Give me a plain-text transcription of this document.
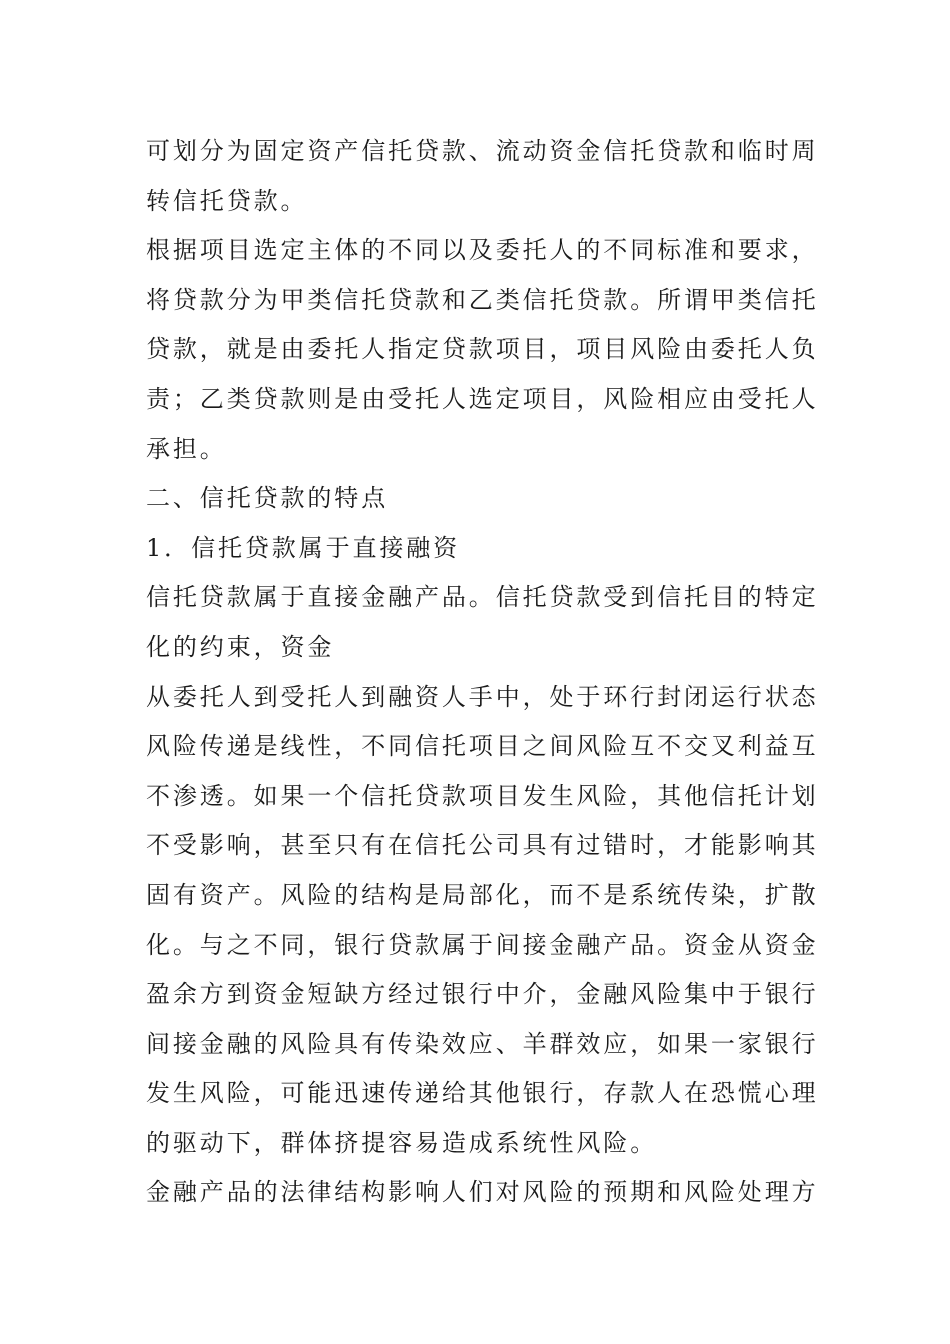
可划分为固定资产信托贷款、流动资金信托贷款和临时周
转信托贷款。
根据项目选定主体的不同以及委托人的不同标准和要求，
将贷款分为甲类信托贷款和乙类信托贷款。所谓甲类信托
贷款，就是由委托人指定贷款项目，项目风险由委托人负
责；乙类贷款则是由受托人选定项目，风险相应由受托人
承担。
二、信托贷款的特点
1．信托贷款属于直接融资
信托贷款属于直接金融产品。信托贷款受到信托目的特定
化的约束，资金
从委托人到受托人到融资人手中，处于环行封闭运行状态
风险传递是线性，不同信托项目之间风险互不交叉利益互
不渗透。如果一个信托贷款项目发生风险，其他信托计划
不受影响，甚至只有在信托公司具有过错时，才能影响其
固有资产。风险的结构是局部化，而不是系统传染，扩散
化。与之不同，银行贷款属于间接金融产品。资金从资金
盈余方到资金短缺方经过银行中介，金融风险集中于银行
间接金融的风险具有传染效应、羊群效应，如果一家银行
发生风险，可能迅速传递给其他银行，存款人在恐慌心理
的驱动下，群体挤提容易造成系统性风险。
金融产品的法律结构影响人们对风险的预期和风险处理方
